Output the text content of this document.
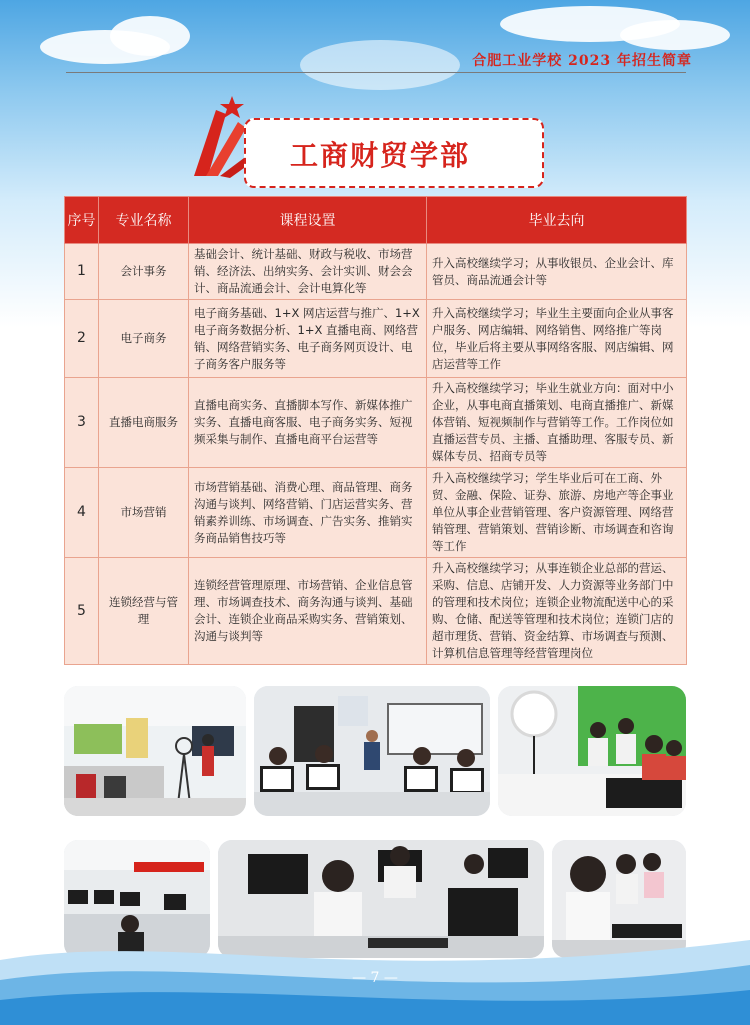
合肥工业学校 2023 年招生简章
工商财贸学部
序号	专业名称	课程设置	毕业去向
1	会计事务	基础会计、统计基础、财政与税收、市场营销、经济法、出纳实务、会计实训、财会会计、商品流通会计、会计电算化等	升入高校继续学习；从事收银员、企业会计、库管员、商品流通会计等
2	电子商务	电子商务基础、1+X 网店运营与推广、1+X 电子商务数据分析、1+X 直播电商、网络营销、网络营销实务、电子商务网页设计、电子商务客户服务等	升入高校继续学习；毕业生主要面向企业从事客户服务、网店编辑、网络销售、网络推广等岗位，毕业后将主要从事网络客服、网店编辑、网店运营等工作
3	直播电商服务	直播电商实务、直播脚本写作、新媒体推广实务、直播电商客服、电子商务实务、短视频采集与制作、直播电商平台运营等	升入高校继续学习；毕业生就业方向：面对中小企业，从事电商直播策划、电商直播推广、新媒体营销、短视频制作与营销等工作。工作岗位如直播运营专员、主播、直播助理、客服专员、新媒体专员、招商专员等
4	市场营销	市场营销基础、消费心理、商品管理、商务沟通与谈判、网络营销、门店运营实务、营销素养训练、市场调查、广告实务、推销实务商品销售技巧等	升入高校继续学习；学生毕业后可在工商、外贸、金融、保险、证券、旅游、房地产等企事业单位从事企业营销管理、客户资源管理、网络营销管理、营销策划、营销诊断、市场调查和咨询等工作
5	连锁经营与管理	连锁经营管理原理、市场营销、企业信息管理、市场调查技术、商务沟通与谈判、基础会计、连锁企业商品采购实务、营销策划、沟通与谈判等	升入高校继续学习；从事连锁企业总部的营运、采购、信息、店铺开发、人力资源等业务部门中的管理和技术岗位；连锁企业物流配送中心的采购、仓储、配送等管理和技术岗位；连锁门店的超市理货、营销、资金结算、市场调查与预测、计算机信息管理等经营管理岗位
— 7 —
